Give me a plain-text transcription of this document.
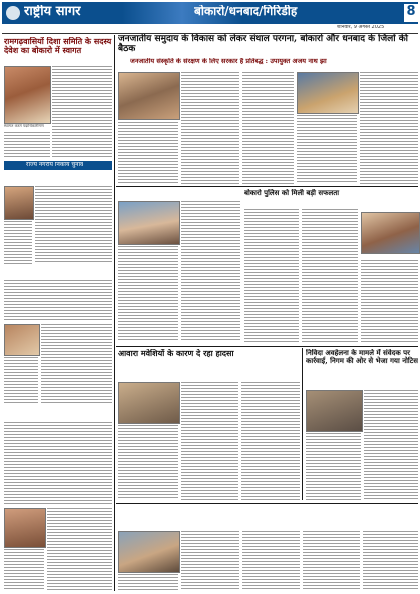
राष्ट्रीय सागर	बोकारो/धनबाद/गिरिडीह	8
शनिवार, 9 अगस्त 2025
रामगढ़वासियों दिशा समिति के सदस्य देवेश का बोकारो में स्वागत
स्वागत करते पदाधिकारीगण
राज्य नगरीय निकाय चुनाव
जनजातीय समुदाय के विकास को लेकर संथाल परगना, बोकारो और धनबाद के जिलों की बैठक
जनजातीय संस्कृति के संरक्षण के लिए सरकार है प्रतिबद्ध : उपायुक्त अजय नाथ झा
बोकारो पुलिस को मिली बड़ी सफलता
आवारा मवेशियों के कारण दे रहा हादसा	निविदा अवहेलना के मामले में संवेदक पर कार्रवाई, निगम की ओर से भेजा गया नोटिस
